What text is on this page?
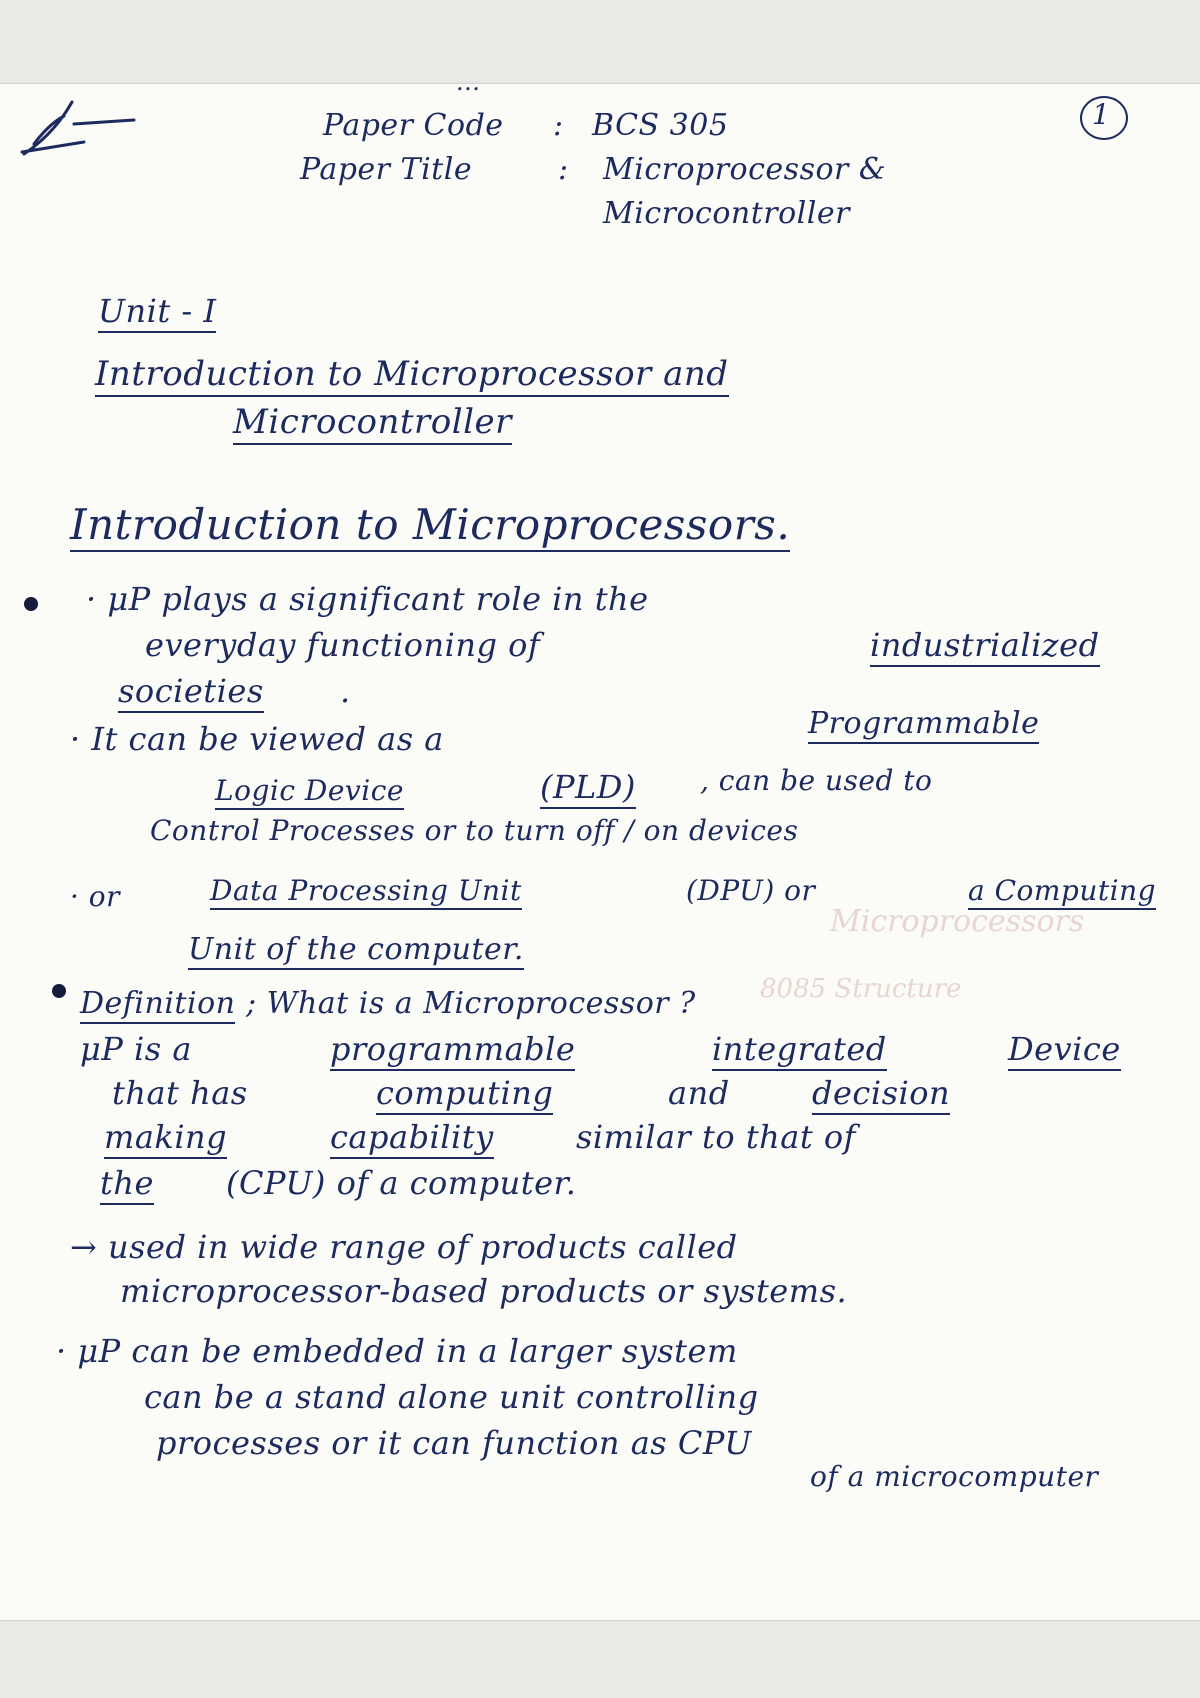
Microprocessors
8085 Structure
1
...
Paper Code : BCS 305
Paper Title	: Microprocessor &
Microcontroller
Unit - I
Introduction to Microprocessor and
Microcontroller
Introduction to Microprocessors.
· μP plays a significant role in the
everyday functioning of	industrialized
societies .
· It can be viewed as a	Programmable
Logic Device	(PLD) , can be used to
Control Processes or to turn off / on devices
· or	Data Processing Unit	(DPU) or	a Computing
Unit of the computer.
Definition ; What is a Microprocessor ?
μP is a	programmable	integrated	Device
that has	computing	and	decision
making	capability	similar to that of
the (CPU) of a computer.
→ used in wide range of products called
microprocessor-based products or systems.
· μP can be embedded in a larger system
can be a stand alone unit controlling
processes or it can function as CPU
of a microcomputer
